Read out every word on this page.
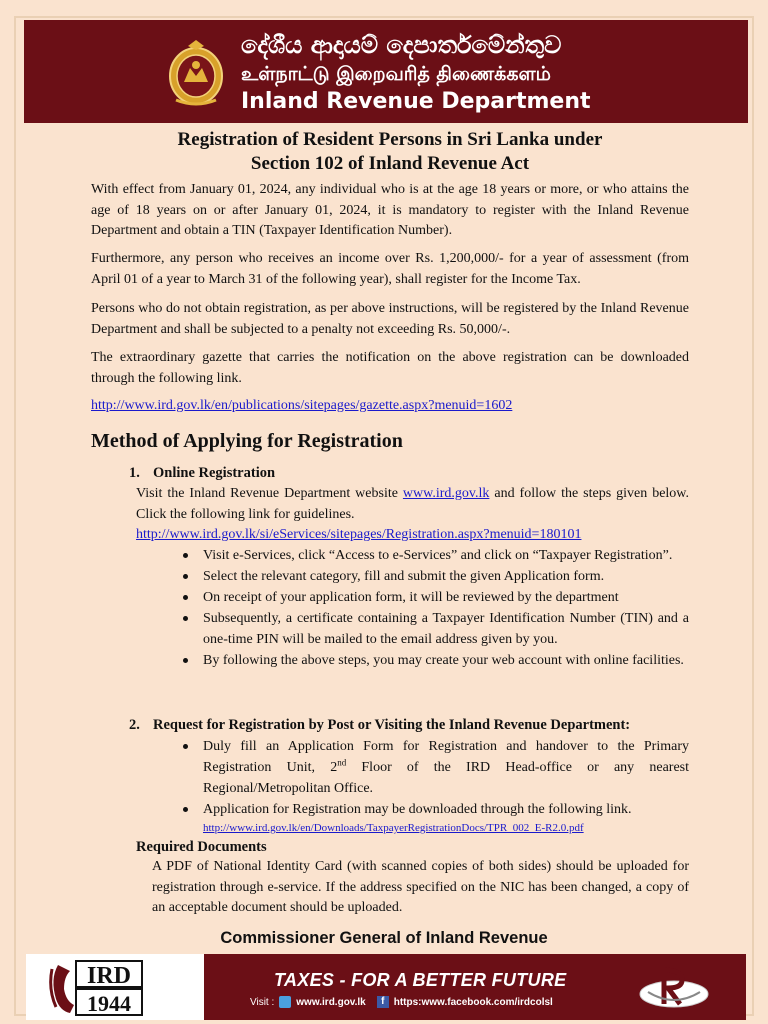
දේශීය ආදායම් දෙපාර්තමේන්තුව
உள்நாட்டு இறைவரித் திணைக்களம்
Inland Revenue Department
Registration of Resident Persons in Sri Lanka under
Section 102 of Inland Revenue Act

With effect from January 01, 2024, any individual who is at the age 18 years or more, or who attains the age of 18 years on or after January 01, 2024, it is mandatory to register with the Inland Revenue Department and obtain a TIN (Taxpayer Identification Number).

Furthermore, any person who receives an income over Rs. 1,200,000/- for a year of assessment (from April 01 of a year to March 31 of the following year), shall register for the Income Tax.

Persons who do not obtain registration, as per above instructions, will be registered by the Inland Revenue Department and shall be subjected to a penalty not exceeding Rs. 50,000/-.

The extraordinary gazette that carries the notification on the above registration can be downloaded through the following link.

http://www.ird.gov.lk/en/publications/sitepages/gazette.aspx?menuid=1602
Method of Applying for Registration
1. Online Registration

Visit the Inland Revenue Department website www.ird.gov.lk and follow the steps given below. Click the following link for guidelines.

http://www.ird.gov.lk/si/eServices/sitepages/Registration.aspx?menuid=180101
Visit e-Services, click “Access to e-Services” and click on “Taxpayer Registration”.
Select the relevant category, fill and submit the given Application form.
On receipt of your application form, it will be reviewed by the department
Subsequently, a certificate containing a Taxpayer Identification Number (TIN) and a one-time PIN will be mailed to the email address given by you.
By following the above steps, you may create your web account with online facilities.
2. Request for Registration by Post or Visiting the Inland Revenue Department:
Duly fill an Application Form for Registration and handover to the Primary Registration Unit, 2nd Floor of the IRD Head-office or any nearest Regional/Metropolitan Office.
Application for Registration may be downloaded through the following link.
http://www.ird.gov.lk/en/Downloads/TaxpayerRegistrationDocs/TPR_002_E-R2.0.pdf
Required Documents

A PDF of National Identity Card (with scanned copies of both sides) should be uploaded for registration through e-service. If the address specified on the NIC has been changed, a copy of an acceptable document should be uploaded.

Commissioner General of Inland Revenue
IRD
1944
TAXES - FOR A BETTER FUTURE
Visit : www.ird.gov.lk	f https:www.facebook.com/irdcolsl
